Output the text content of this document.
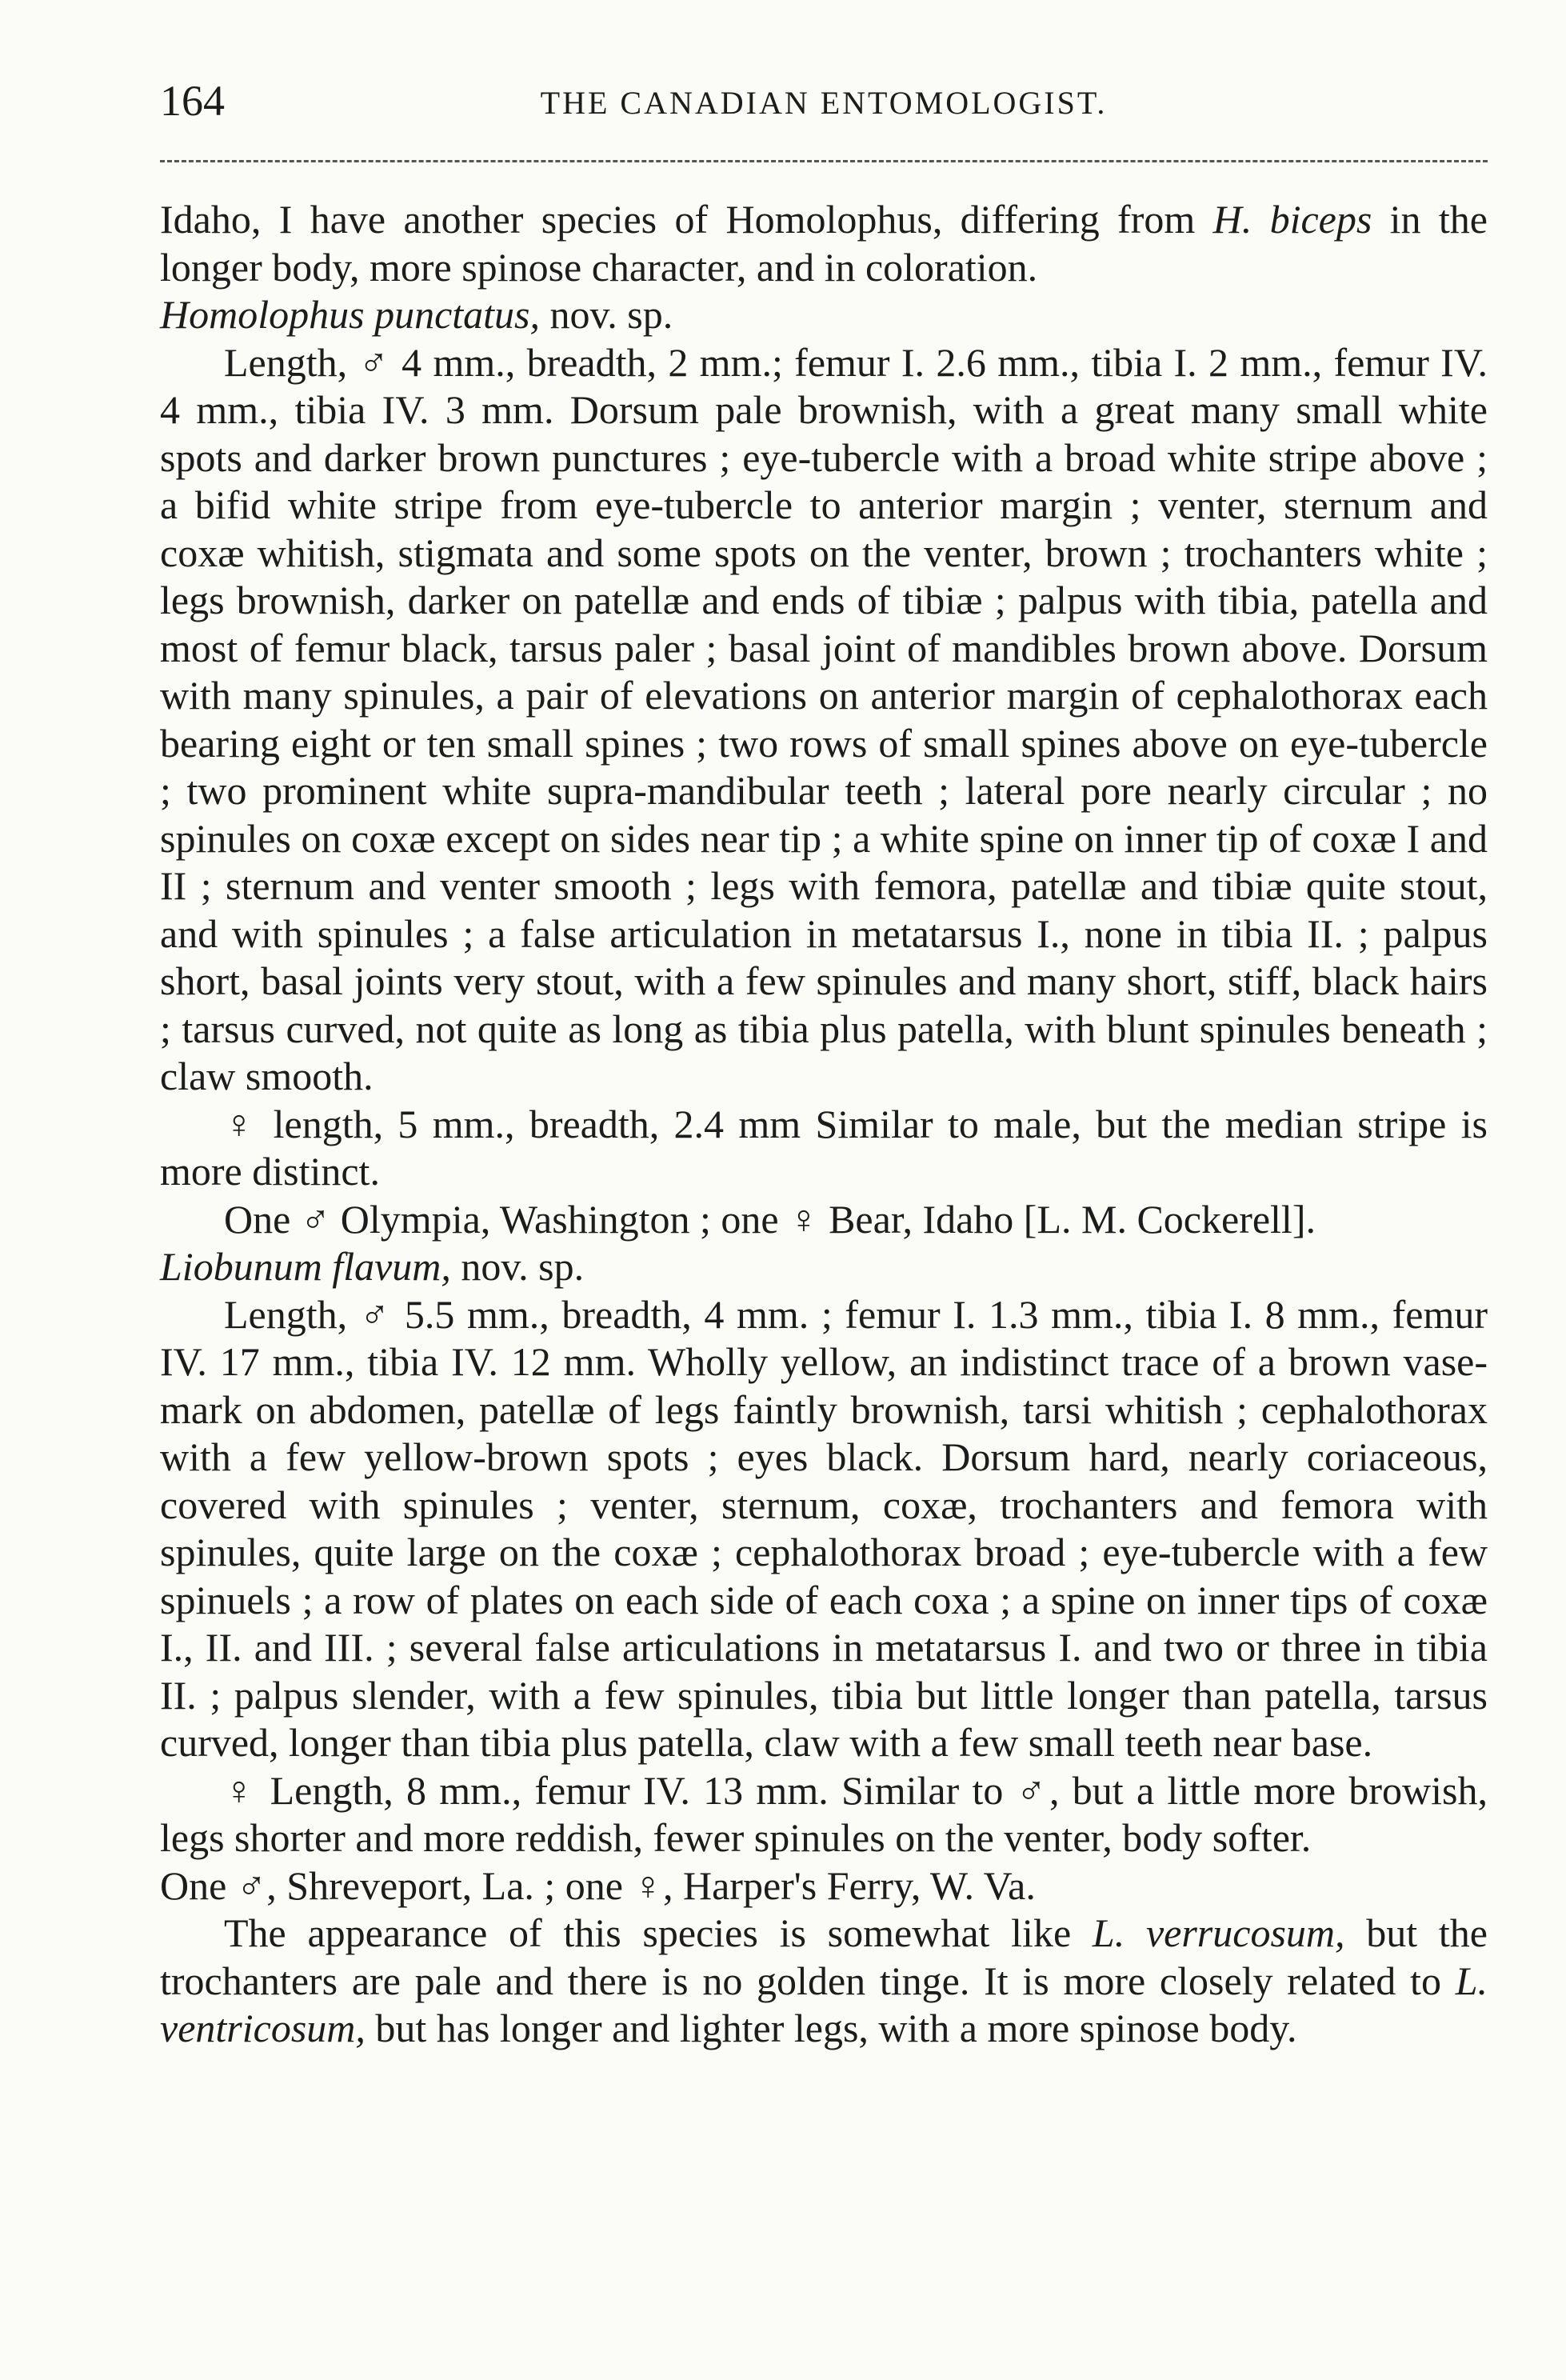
164	THE CANADIAN ENTOMOLOGIST.

Idaho, I have another species of Homolophus, differing from H. biceps in the longer body, more spinose character, and in coloration.

Homolophus punctatus, nov. sp.

Length, ♂ 4 mm., breadth, 2 mm.; femur I. 2.6 mm., tibia I. 2 mm., femur IV. 4 mm., tibia IV. 3 mm. Dorsum pale brownish, with a great many small white spots and darker brown punctures ; eye-tubercle with a broad white stripe above ; a bifid white stripe from eye-tubercle to anterior margin ; venter, sternum and coxæ whitish, stigmata and some spots on the venter, brown ; trochanters white ; legs brownish, darker on patellæ and ends of tibiæ ; palpus with tibia, patella and most of femur black, tarsus paler ; basal joint of mandibles brown above. Dorsum with many spinules, a pair of elevations on anterior margin of cephalothorax each bearing eight or ten small spines ; two rows of small spines above on eye-tubercle ; two prominent white supra-mandibular teeth ; lateral pore nearly circular ; no spinules on coxæ except on sides near tip ; a white spine on inner tip of coxæ I and II ; sternum and venter smooth ; legs with femora, patellæ and tibiæ quite stout, and with spinules ; a false articulation in metatarsus I., none in tibia II. ; palpus short, basal joints very stout, with a few spinules and many short, stiff, black hairs ; tarsus curved, not quite as long as tibia plus patella, with blunt spinules beneath ; claw smooth.

♀ length, 5 mm., breadth, 2.4 mm Similar to male, but the median stripe is more distinct.

One ♂ Olympia, Washington ; one ♀ Bear, Idaho [L. M. Cockerell].

Liobunum flavum, nov. sp.

Length, ♂ 5.5 mm., breadth, 4 mm. ; femur I. 1.3 mm., tibia I. 8 mm., femur IV. 17 mm., tibia IV. 12 mm. Wholly yellow, an indistinct trace of a brown vase-mark on abdomen, patellæ of legs faintly brownish, tarsi whitish ; cephalothorax with a few yellow-brown spots ; eyes black. Dorsum hard, nearly coriaceous, covered with spinules ; venter, sternum, coxæ, trochanters and femora with spinules, quite large on the coxæ ; cephalothorax broad ; eye-tubercle with a few spinuels ; a row of plates on each side of each coxa ; a spine on inner tips of coxæ I., II. and III. ; several false articulations in metatarsus I. and two or three in tibia II. ; palpus slender, with a few spinules, tibia but little longer than patella, tarsus curved, longer than tibia plus patella, claw with a few small teeth near base.

♀ Length, 8 mm., femur IV. 13 mm. Similar to ♂, but a little more browish, legs shorter and more reddish, fewer spinules on the venter, body softer.

One ♂, Shreveport, La. ; one ♀, Harper's Ferry, W. Va.

The appearance of this species is somewhat like L. verrucosum, but the trochanters are pale and there is no golden tinge. It is more closely related to L. ventricosum, but has longer and lighter legs, with a more spinose body.
